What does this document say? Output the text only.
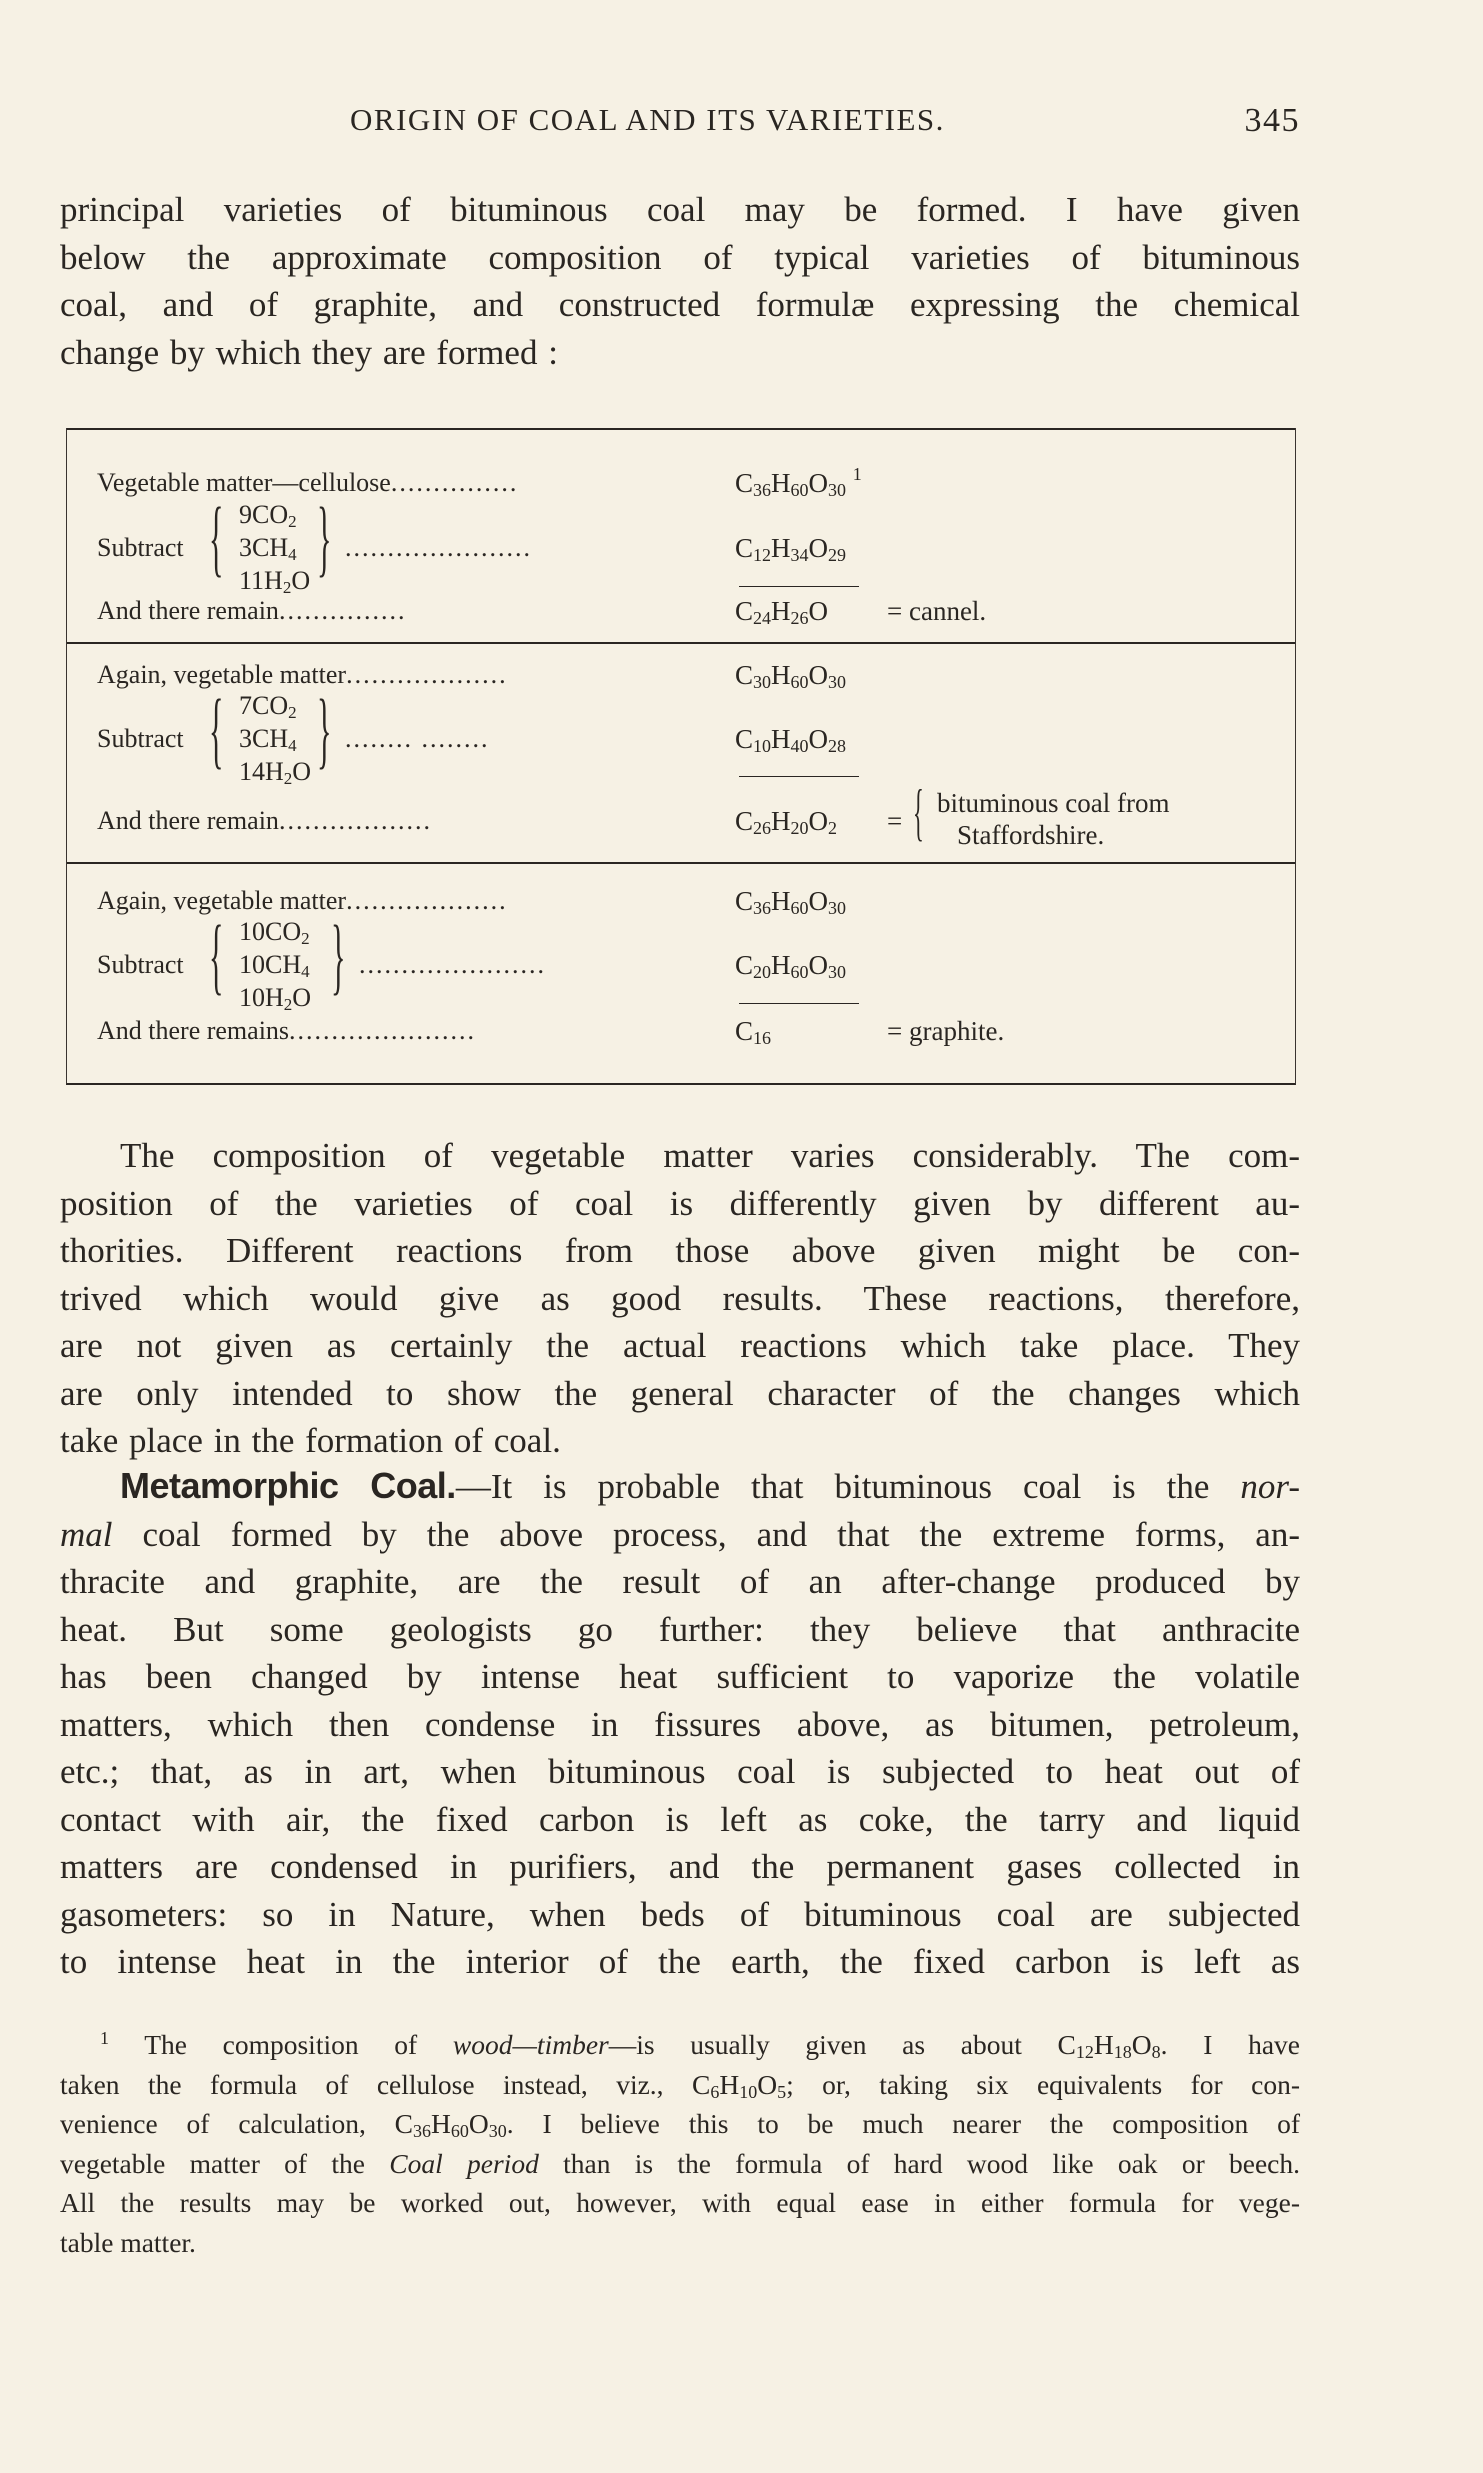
ORIGIN OF COAL AND ITS VARIETIES.	345
principal varieties of bituminous coal may be formed. I have given
below the approximate composition of typical varieties of bituminous
coal, and of graphite, and constructed formulæ expressing the chemical
change by which they are formed :
Vegetable matter—cellulose...............	$C_{36}H_{60}O_{30}$ $^1$
Subtract { $9CO_2$
$3CH_4$
$11H_2O$ } ......................	$C_{12}H_{34}O_{29}$
And there remain...............	$C_{24}H_{26}O$ = cannel.
Again, vegetable matter...................	$C_{30}H_{60}O_{30}$
Subtract { $7CO_2$
$3CH_4$
$14H_2O$ } ........ ........	$C_{10}H_{40}O_{28}$
And there remain..................	$C_{26}H_{20}O_2$ = { bituminous coal from
Staffordshire.
Again, vegetable matter...................	$C_{36}H_{60}O_{30}$
Subtract { $10CO_2$
$10CH_4$
$10H_2O$ } ......................	$C_{20}H_{60}O_{30}$
And there remains......................	$C_{16}$	= graphite.
The composition of vegetable matter varies considerably. The com-
position of the varieties of coal is differently given by different au-
thorities. Different reactions from those above given might be con-
trived which would give as good results. These reactions, therefore,
are not given as certainly the actual reactions which take place. They
are only intended to show the general character of the changes which
take place in the formation of coal.
Metamorphic Coal.—It is probable that bituminous coal is the nor-
mal coal formed by the above process, and that the extreme forms, an-
thracite and graphite, are the result of an after-change produced by
heat. But some geologists go further: they believe that anthracite
has been changed by intense heat sufficient to vaporize the volatile
matters, which then condense in fissures above, as bitumen, petroleum,
etc.; that, as in art, when bituminous coal is subjected to heat out of
contact with air, the fixed carbon is left as coke, the tarry and liquid
matters are condensed in purifiers, and the permanent gases collected in
gasometers: so in Nature, when beds of bituminous coal are subjected
to intense heat in the interior of the earth, the fixed carbon is left as
$^1$ The composition of wood—timber—is usually given as about $C_{12}H_{18}O_8$. I have
taken the formula of cellulose instead, viz., $C_6H_{10}O_5$; or, taking six equivalents for con-
venience of calculation, $C_{36}H_{60}O_{30}$. I believe this to be much nearer the composition of
vegetable matter of the Coal period than is the formula of hard wood like oak or beech.
All the results may be worked out, however, with equal ease in either formula for vege-
table matter.
